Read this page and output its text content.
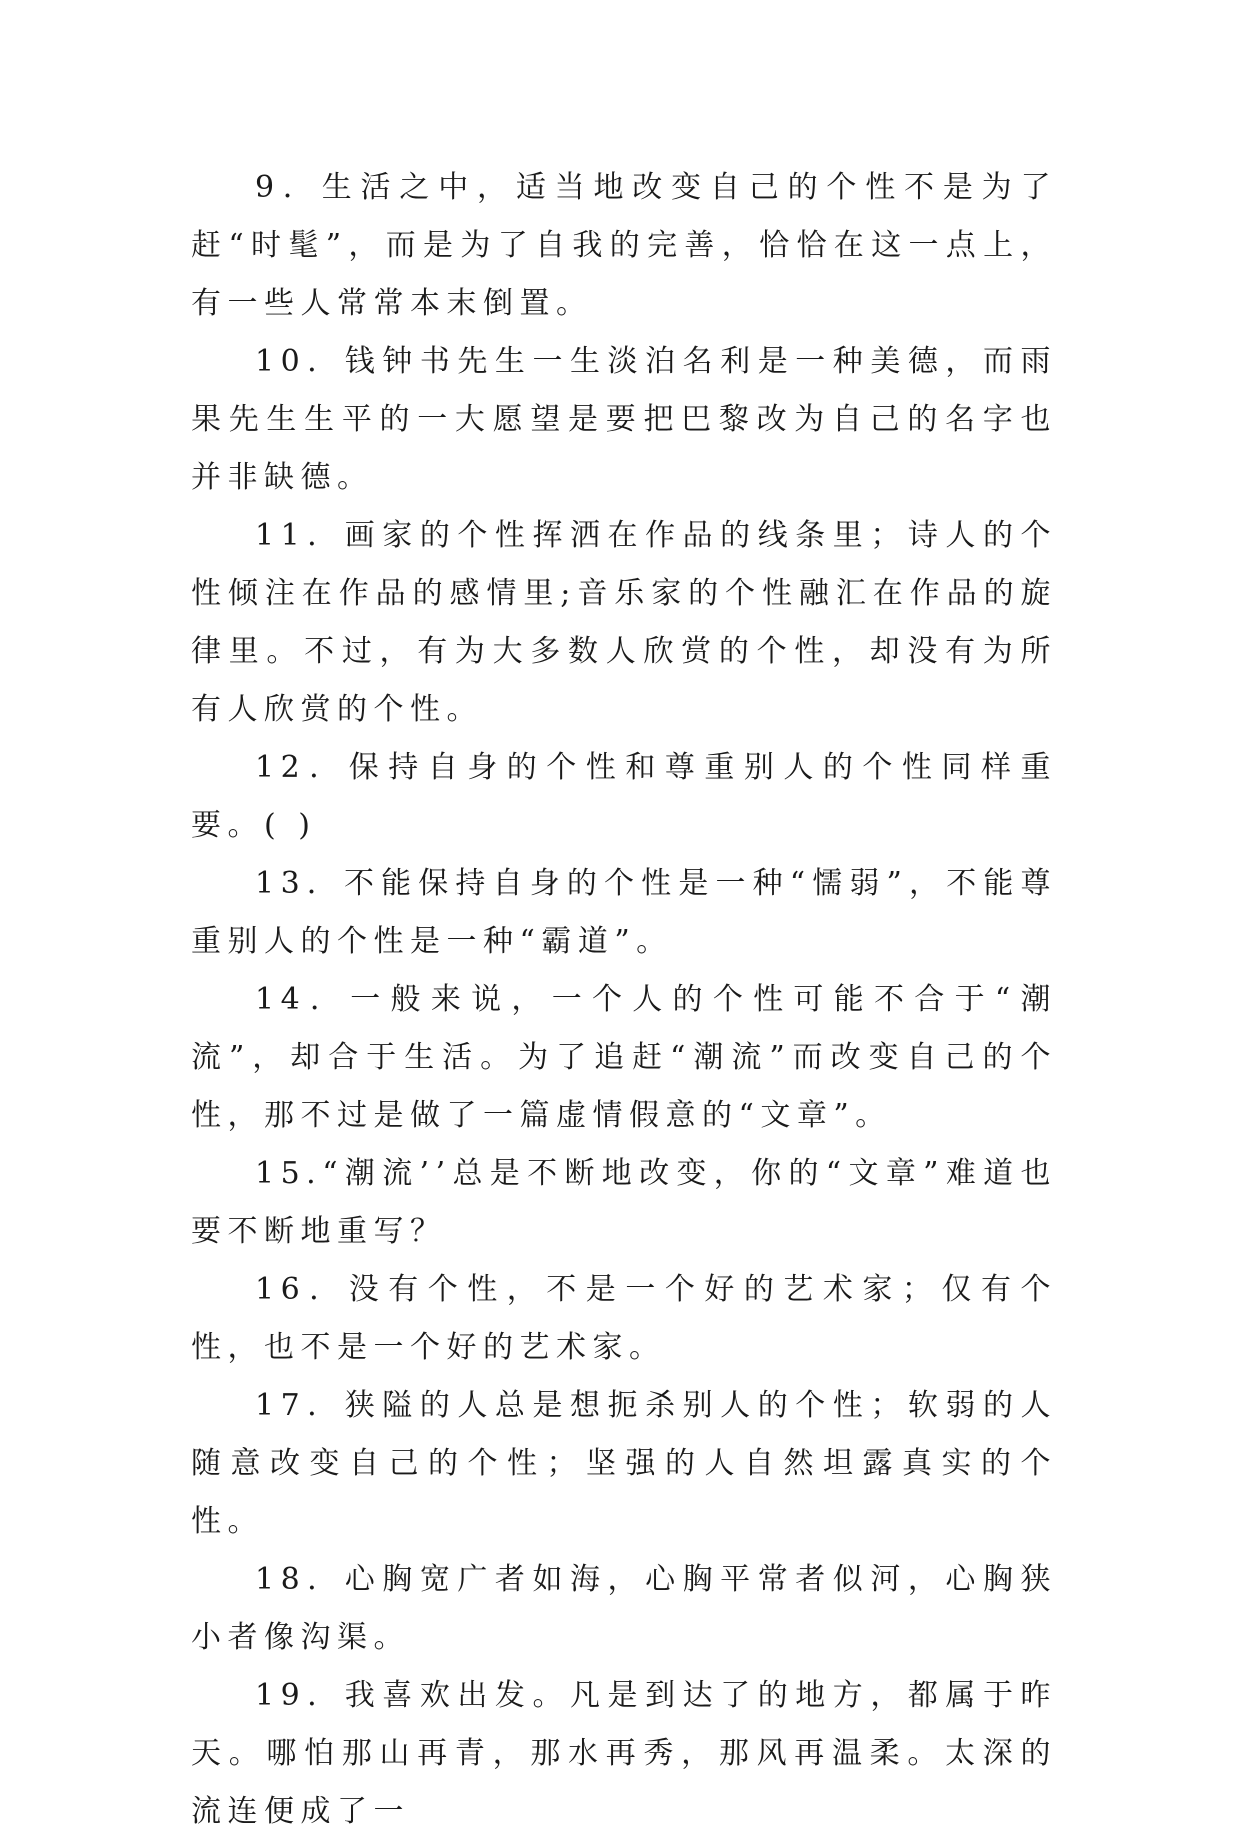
9．生活之中，适当地改变自己的个性不是为了赶“时髦”，而是为了自我的完善，恰恰在这一点上，有一些人常常本末倒置。

10．钱钟书先生一生淡泊名利是一种美德，而雨果先生生平的一大愿望是要把巴黎改为自己的名字也并非缺德。

11．画家的个性挥洒在作品的线条里；诗人的个性倾注在作品的感情里;音乐家的个性融汇在作品的旋律里。不过，有为大多数人欣赏的个性，却没有为所有人欣赏的个性。

12．保持自身的个性和尊重别人的个性同样重要。( )

13．不能保持自身的个性是一种“懦弱”，不能尊重别人的个性是一种“霸道”。

14．一般来说，一个人的个性可能不合于“潮流”，却合于生活。为了追赶“潮流”而改变自己的个性，那不过是做了一篇虚情假意的“文章”。

15.“潮流’’总是不断地改变，你的“文章”难道也要不断地重写？

16．没有个性，不是一个好的艺术家；仅有个性，也不是一个好的艺术家。

17．狭隘的人总是想扼杀别人的个性；软弱的人随意改变自己的个性；坚强的人自然坦露真实的个性。

18．心胸宽广者如海，心胸平常者似河，心胸狭小者像沟渠。

19．我喜欢出发。凡是到达了的地方，都属于昨天。哪怕那山再青，那水再秀，那风再温柔。太深的流连便成了一
